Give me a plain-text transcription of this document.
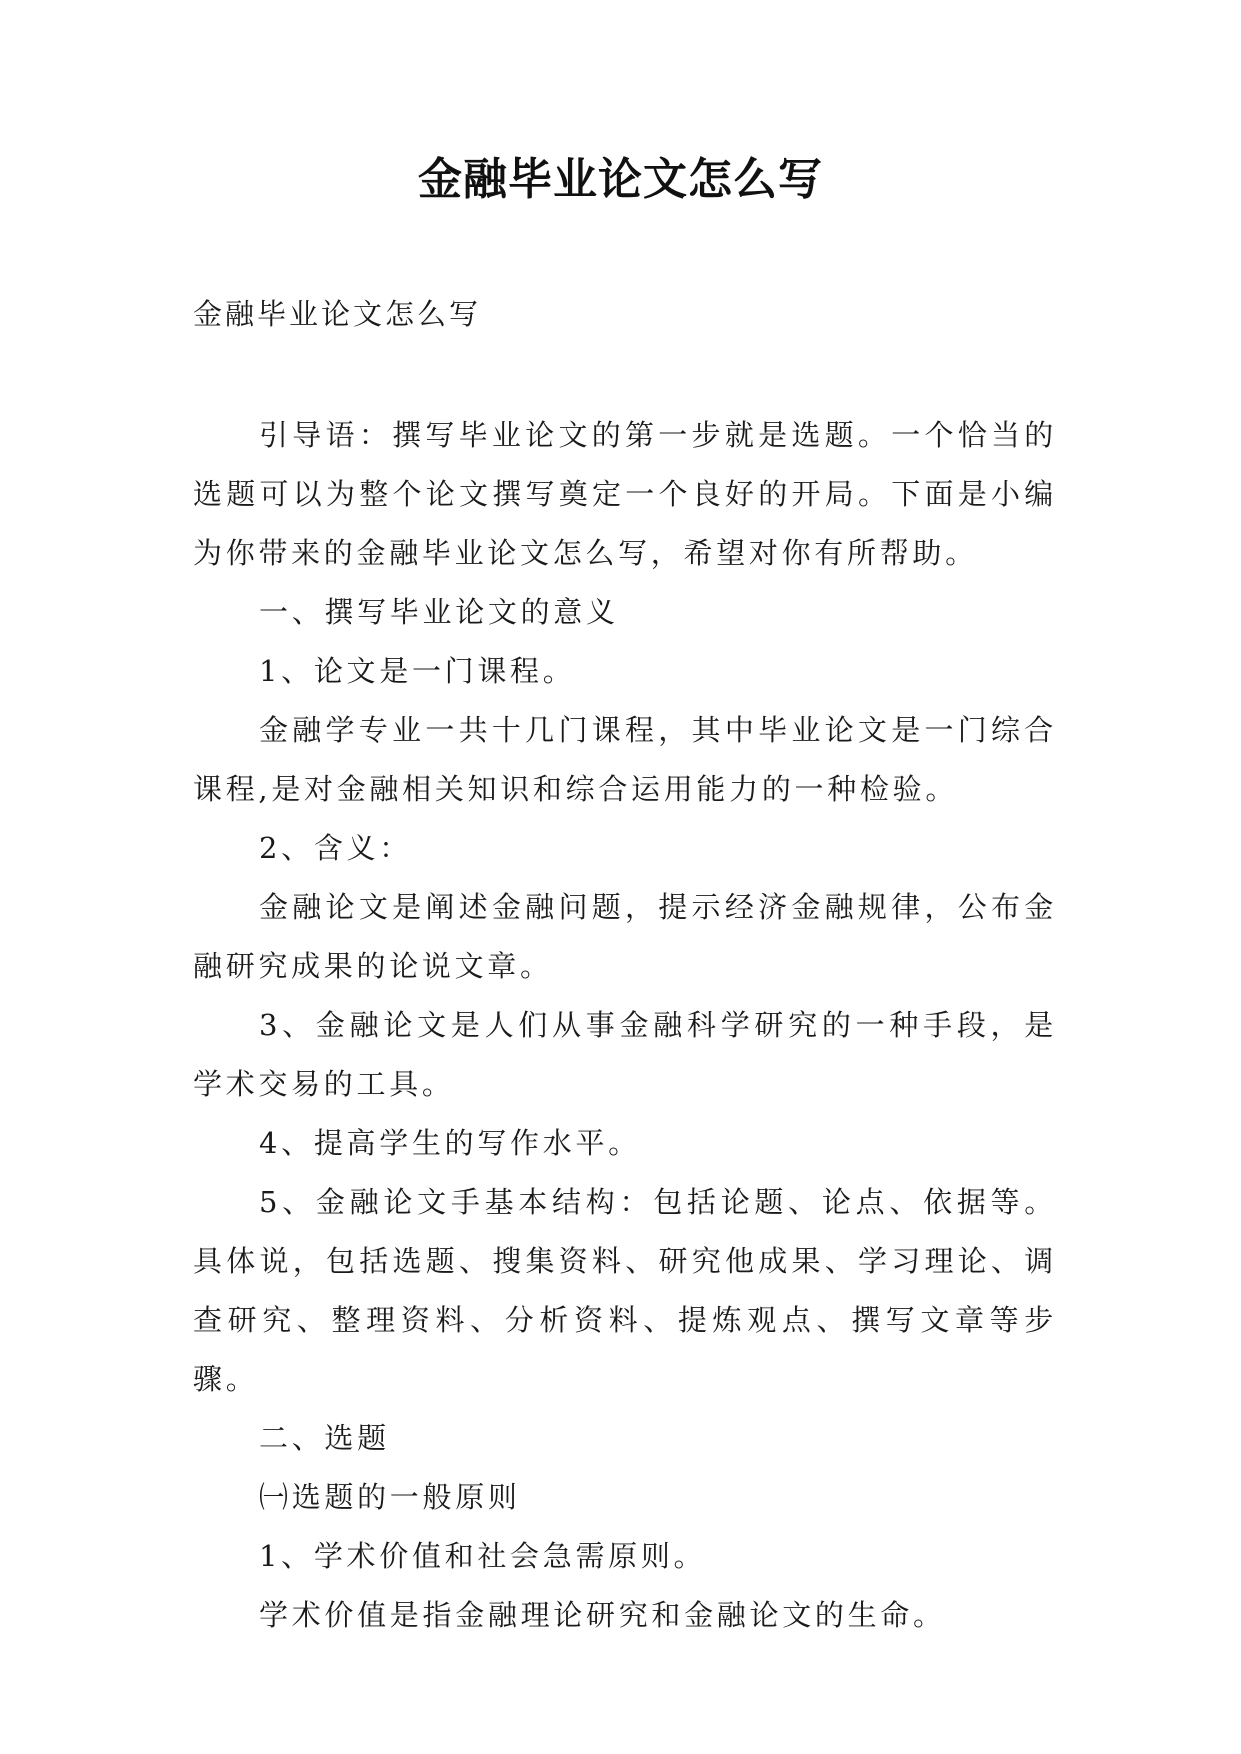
金融毕业论文怎么写

金融毕业论文怎么写

引导语：撰写毕业论文的第一步就是选题。一个恰当的选题可以为整个论文撰写奠定一个良好的开局。下面是小编为你带来的金融毕业论文怎么写，希望对你有所帮助。

一、撰写毕业论文的意义

1、论文是一门课程。

金融学专业一共十几门课程，其中毕业论文是一门综合课程,是对金融相关知识和综合运用能力的一种检验。

2、含义：

金融论文是阐述金融问题，提示经济金融规律，公布金融研究成果的论说文章。

3、金融论文是人们从事金融科学研究的一种手段，是学术交易的工具。

4、提高学生的写作水平。

5、金融论文手基本结构：包括论题、论点、依据等。具体说，包括选题、搜集资料、研究他成果、学习理论、调查研究、整理资料、分析资料、提炼观点、撰写文章等步骤。

二、选题

㈠选题的一般原则

1、学术价值和社会急需原则。

学术价值是指金融理论研究和金融论文的生命。
